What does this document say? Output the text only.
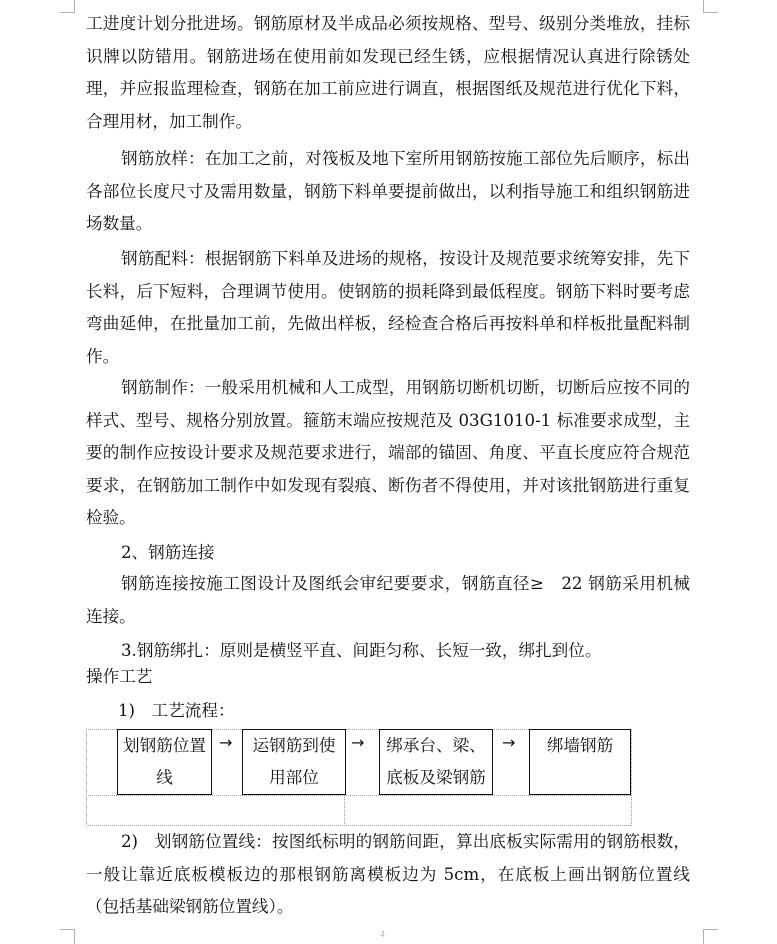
工进度计划分批进场。钢筋原材及半成品必须按规格、型号、级别分类堆放，挂标识牌以防错用。钢筋进场在使用前如发现已经生锈，应根据情况认真进行除锈处理，并应报监理检查，钢筋在加工前应进行调直，根据图纸及规范进行优化下料，合理用材，加工制作。

钢筋放样：在加工之前，对筏板及地下室所用钢筋按施工部位先后顺序，标出各部位长度尺寸及需用数量，钢筋下料单要提前做出，以利指导施工和组织钢筋进场数量。

钢筋配料：根据钢筋下料单及进场的规格，按设计及规范要求统筹安排，先下长料，后下短料，合理调节使用。使钢筋的损耗降到最低程度。钢筋下料时要考虑弯曲延伸，在批量加工前，先做出样板，经检查合格后再按料单和样板批量配料制作。

钢筋制作：一般采用机械和人工成型，用钢筋切断机切断，切断后应按不同的样式、型号、规格分别放置。箍筋末端应按规范及 03G1010-1 标准要求成型，主要的制作应按设计要求及规范要求进行，端部的锚固、角度、平直长度应符合规范要求，在钢筋加工制作中如发现有裂痕、断伤者不得使用，并对该批钢筋进行重复检验。

2、钢筋连接

钢筋连接按施工图设计及图纸会审纪要要求，钢筋直径≥　22 钢筋采用机械连接。

3.钢筋绑扎：原则是横竖平直、间距匀称、长短一致，绑扎到位。

操作工艺

1)　工艺流程：

划钢筋位置线
→	运钢筋到使用部位
→ 绑承台、梁、底板及梁钢筋
→ 绑墙钢筋

2)　划钢筋位置线：按图纸标明的钢筋间距，算出底板实际需用的钢筋根数，一般让靠近底板模板边的那根钢筋离模板边为 5cm，在底板上画出钢筋位置线（包括基础梁钢筋位置线）。

4
